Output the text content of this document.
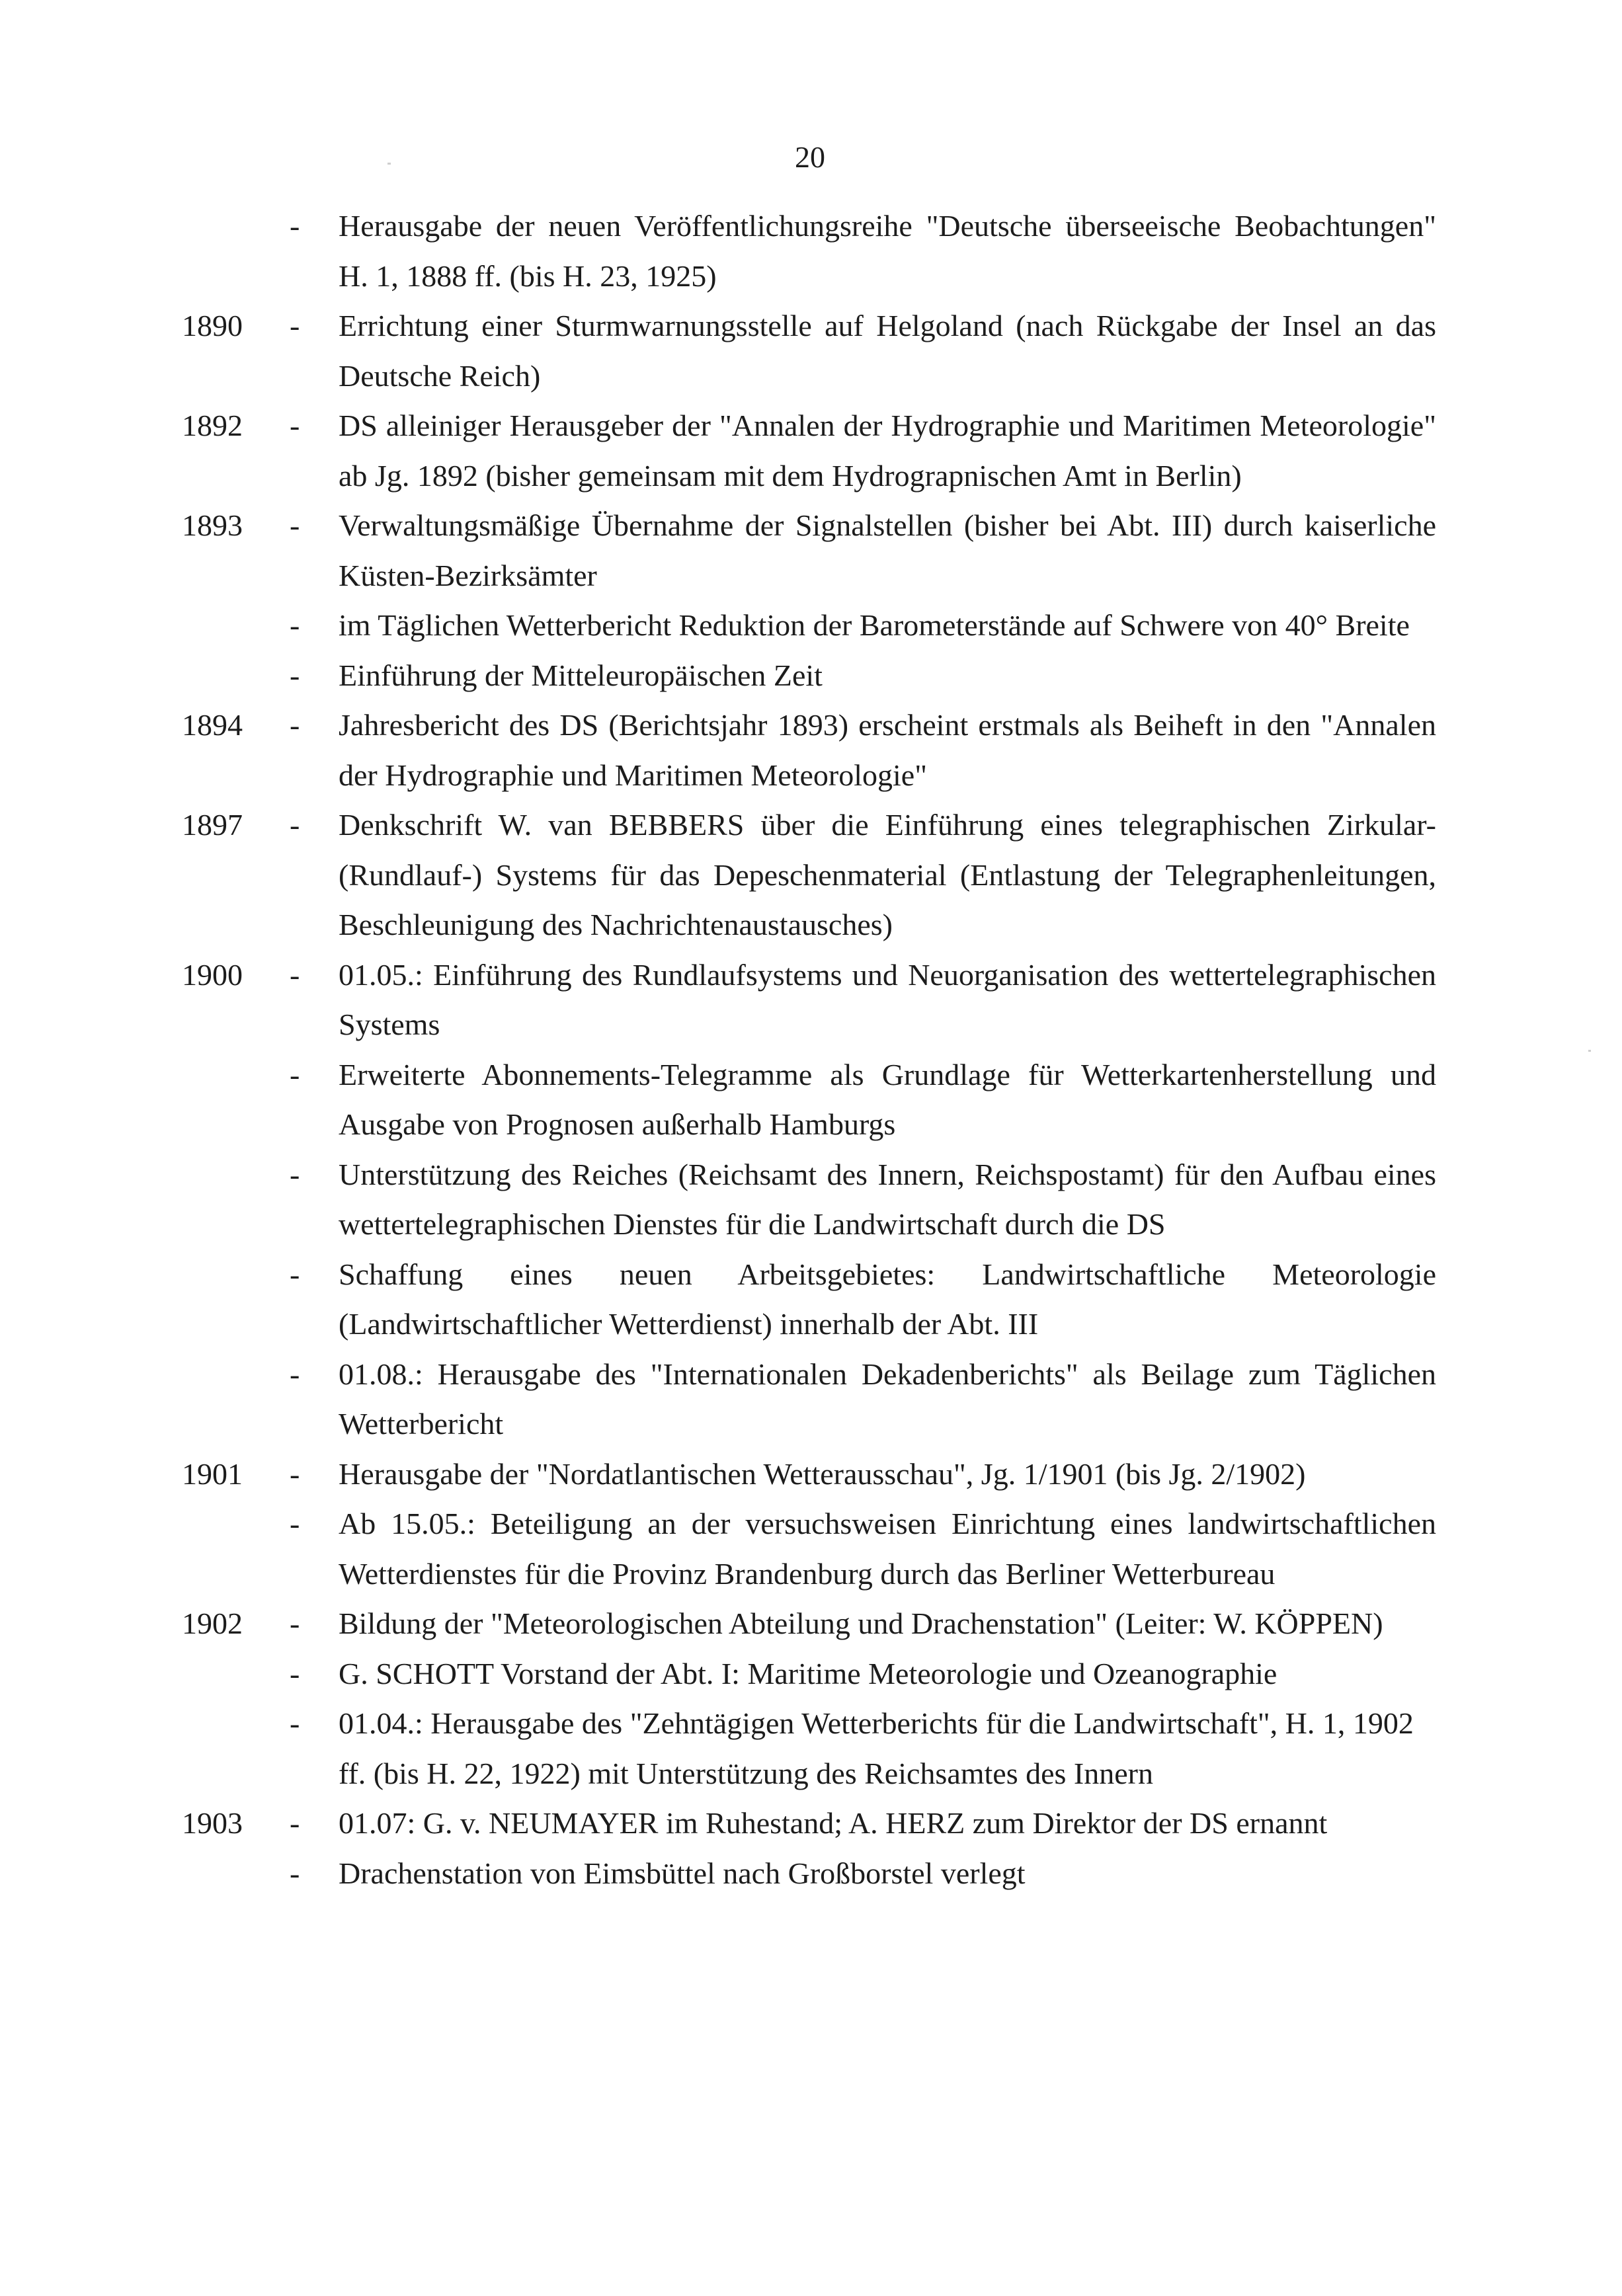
20
- Herausgabe der neuen Veröffentlichungsreihe "Deutsche überseeische Beobachtungen" H. 1, 1888 ff. (bis H. 23, 1925)
1890	- Errichtung einer Sturmwarnungsstelle auf Helgoland (nach Rückgabe der Insel an das Deutsche Reich)
1892	- DS alleiniger Herausgeber der "Annalen der Hydrographie und Maritimen Meteorologie" ab Jg. 1892 (bisher gemeinsam mit dem Hydrograpnischen Amt in Berlin)
1893	- Verwaltungsmäßige Übernahme der Signalstellen (bisher bei Abt. III) durch kaiserliche Küsten-Bezirksämter
- im Täglichen Wetterbericht Reduktion der Barometerstände auf Schwere von 40° Breite
- Einführung der Mitteleuropäischen Zeit
1894	- Jahresbericht des DS (Berichtsjahr 1893) erscheint erstmals als Beiheft in den "Annalen der Hydrographie und Maritimen Meteorologie"
1897	- Denkschrift W. van BEBBERS über die Einführung eines telegraphischen Zirkular-(Rundlauf-) Systems für das Depeschenmaterial (Entlastung der Telegraphenleitungen, Beschleunigung des Nachrichtenaustausches)
1900	- 01.05.: Einführung des Rundlaufsystems und Neuorganisation des wettertelegraphischen Systems
- Erweiterte Abonnements-Telegramme als Grundlage für Wetterkartenherstellung und Ausgabe von Prognosen außerhalb Hamburgs
- Unterstützung des Reiches (Reichsamt des Innern, Reichspostamt) für den Aufbau eines wettertelegraphischen Dienstes für die Landwirtschaft durch die DS
- Schaffung eines neuen Arbeitsgebietes: Landwirtschaftliche Meteorologie (Landwirtschaftlicher Wetterdienst) innerhalb der Abt. III
- 01.08.: Herausgabe des "Internationalen Dekadenberichts" als Beilage zum Täglichen Wetterbericht
1901	- Herausgabe der "Nordatlantischen Wetterausschau", Jg. 1/1901 (bis Jg. 2/1902)
- Ab 15.05.: Beteiligung an der versuchsweisen Einrichtung eines landwirtschaftlichen Wetterdienstes für die Provinz Brandenburg durch das Berliner Wetterbureau
1902	- Bildung der "Meteorologischen Abteilung und Drachenstation" (Leiter: W. KÖPPEN)
- G. SCHOTT Vorstand der Abt. I: Maritime Meteorologie und Ozeanographie
- 01.04.: Herausgabe des "Zehntägigen Wetterberichts für die Landwirtschaft", H. 1, 1902 ff. (bis H. 22, 1922) mit Unterstützung des Reichsamtes des Innern
1903	- 01.07: G. v. NEUMAYER im Ruhestand; A. HERZ zum Direktor der DS ernannt
- Drachenstation von Eimsbüttel nach Großborstel verlegt
